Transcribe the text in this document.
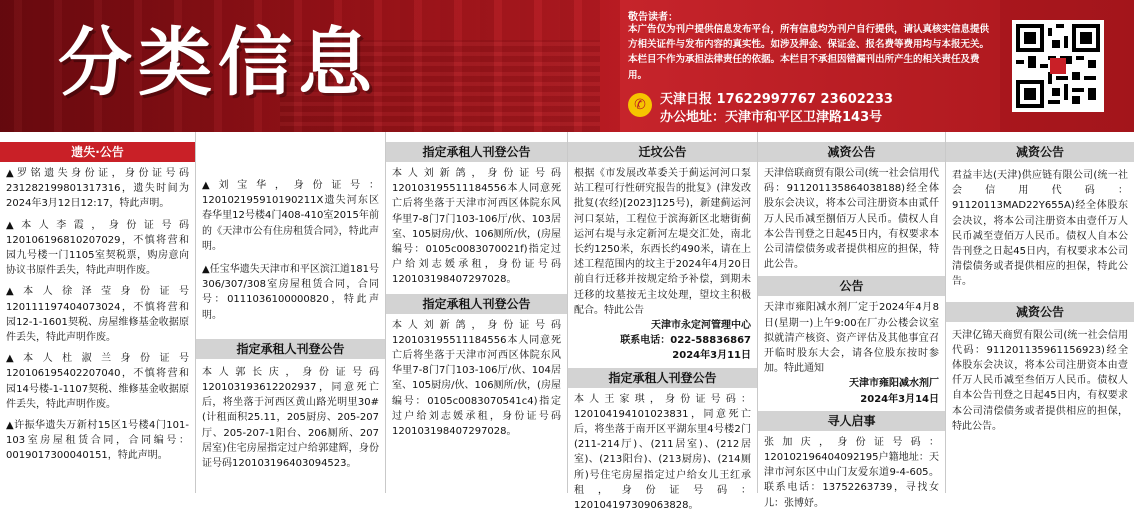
分类信息
敬告读者：
本广告仅为刊户提供信息发布平台，所有信息均为刊户自行提供，请认真核实信息提供方相关证件与发布内容的真实性。如涉及押金、保证金、报名费等费用均与本报无关。本栏目不作为承担法律责任的依据。本栏目不承担因错漏刊出所产生的相关责任及费用。
✆	天津日报 17622997767 23602233
办公地址：天津市和平区卫津路143号
遗失·公告
▲罗铭遗失身份证，身份证号码231282199801317316，遗失时间为2024年3月12日12:17，特此声明。
▲本人李霞，身份证号码120106196810207029，不慎将营和园九号楼一门1105室契税票，购房意向协议书原件丢失，特此声明作废。
▲本人徐泽莹身份证号120111197404073024，不慎将营和园12-1-1601契税、房屋维修基金收据原件丢失，特此声明作废。
▲本人杜淑兰身份证号120106195402207040，不慎将营和园14号楼-1-1107契税、维修基金收据原件丢失，特此声明作废。
▲许振华遗失万新村15区1号楼4门101-103室房屋租赁合同，合同编号：0019017300040151，特此声明。
▲刘宝华，身份证号：120102195910190211X遗失河东区春华里12号楼4门408-410室2015年前的《天津市公有住房租赁合同》，特此声明。
▲任宝华遗失天津市和平区滨江道181号306/307/308室房屋租赁合同，合同号：0111036100000820，特此声明。
指定承租人刊登公告
本人郭长庆，身份证号码120103193612202937，同意死亡后，将坐落于河西区黄山路光明里30#(计租面积25.11，205厨房、205-207厅、205-207-1阳台、206厕所、207居室)住宅房屋指定过户给郭建辉，身份证号码120103196403094523。
指定承租人刊登公告
本人刘新鸽，身份证号码120103195511184556本人同意死亡后将坐落于天津市河西区体院东风华里7-8门7门103-106厅/伙、103居室、105厨房/伙、106厕所/伙，(房屋编号：0105c0083070021f)指定过户给刘志媛承租，身份证号码120103198407297028。
指定承租人刊登公告
本人刘新鸽，身份证号码120103195511184556本人同意死亡后将坐落于天津市河西区体院东风华里7-8门7门103-106厅/伙、104居室、105厨房/伙、106厕所/伙，(房屋编号：0105c0083070541c4)指定过户给刘志媛承租，身份证号码120103198407297028。
迁坟公告
根据《市发展改革委关于蓟运河河口泵站工程可行性研究报告的批复》(津发改批复(农经)[2023]125号)，新建蓟运河河口泵站，工程位于滨海新区北塘街蓟运河右堤与永定新河左堤交汇处，南北长约1250米，东西长约490米，请在上述工程范围内的坟主于2024年4月20日前自行迁移并按规定给予补偿，到期未迁移的坟墓按无主坟处理，望坟主积极配合。特此公告
天津市永定河管理中心
联系电话：022-58836867
2024年3月11日
指定承租人刊登公告
本人王家琪，身份证号码：120104194101023831，同意死亡后，将坐落于南开区平湖东里4号楼2门(211-214厅)、(211居室)、(212居室)、(213阳台)、(213厨房)、(214厕所)号住宅房屋指定过户给女儿王红承租，身份证号码：120104197309063828。
减资公告
天津倍联商贸有限公司(统一社会信用代码：911201135864038188)经全体股东会决议，将本公司注册资本由贰仟万人民币减至捌佰万人民币。债权人自本公告刊登之日起45日内，有权要求本公司清偿债务或者提供相应的担保，特此公告。
公告
天津市雍阳减水剂厂定于2024年4月8日(星期一)上午9:00在厂办公楼会议室拟就清产核资、资产评估及其他事宜召开临时股东大会，请各位股东按时参加。特此通知
天津市雍阳减水剂厂
2024年3月14日
寻人启事
张加庆，身份证号码：120102196404092195户籍地址：天津市河东区中山门友爱东道9-4-605。联系电话：13752263739，寻找女儿：张博妤。
减资公告
君益丰达(天津)供应链有限公司(统一社会信用代码：91120113MAD22Y655A)经全体股东会决议，将本公司注册资本由壹仟万人民币减至壹佰万人民币。债权人自本公告刊登之日起45日内，有权要求本公司清偿债务或者提供相应的担保，特此公告。
减资公告
天津亿锦天商贸有限公司(统一社会信用代码：911201135961156923)经全体股东会决议，将本公司注册资本由壹仟万人民币减至叁佰万人民币。债权人自本公告刊登之日起45日内，有权要求本公司清偿债务或者提供相应的担保，特此公告。
